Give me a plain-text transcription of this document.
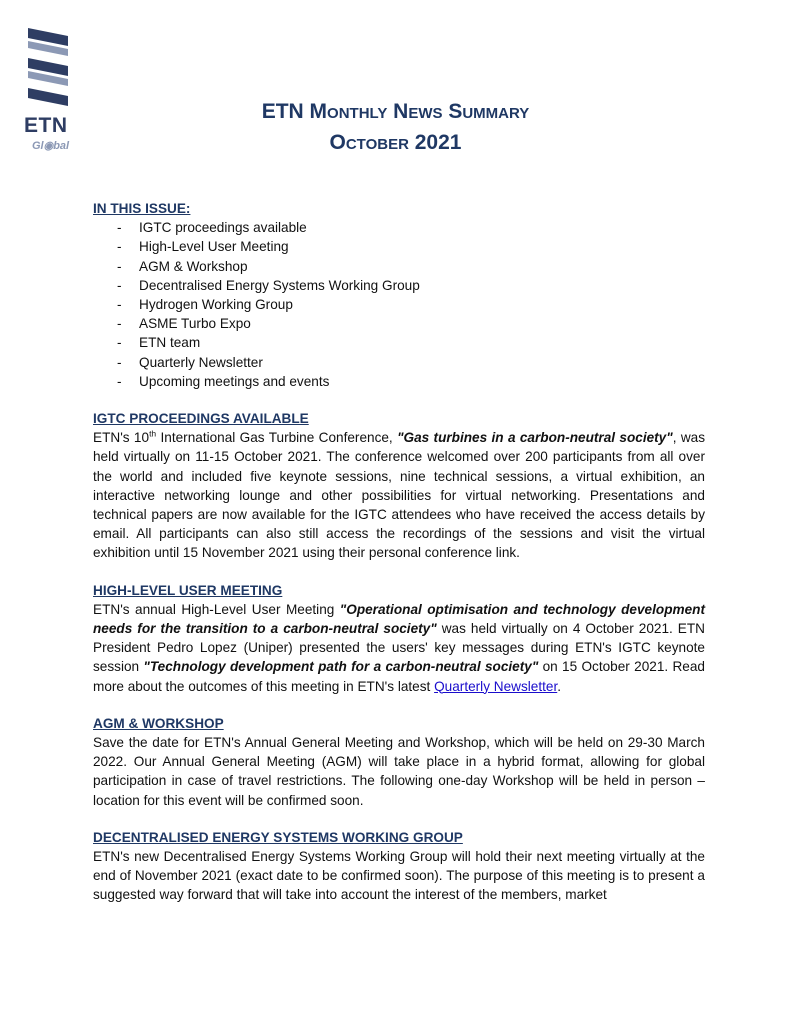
ETN
Gl◉bal
ETN Monthly News Summary
October 2021

IN THIS ISSUE:

- IGTC proceedings available
- High-Level User Meeting
- AGM & Workshop
- Decentralised Energy Systems Working Group
- Hydrogen Working Group
- ASME Turbo Expo
- ETN team
- Quarterly Newsletter
- Upcoming meetings and events

IGTC PROCEEDINGS AVAILABLE

ETN's 10th International Gas Turbine Conference, "Gas turbines in a carbon-neutral society", was held virtually on 11-15 October 2021. The conference welcomed over 200 participants from all over the world and included five keynote sessions, nine technical sessions, a virtual exhibition, an interactive networking lounge and other possibilities for virtual networking. Presentations and technical papers are now available for the IGTC attendees who have received the access details by email. All participants can also still access the recordings of the sessions and visit the virtual exhibition until 15 November 2021 using their personal conference link.

HIGH-LEVEL USER MEETING

ETN's annual High-Level User Meeting "Operational optimisation and technology development needs for the transition to a carbon-neutral society" was held virtually on 4 October 2021. ETN President Pedro Lopez (Uniper) presented the users' key messages during ETN's IGTC keynote session "Technology development path for a carbon-neutral society" on 15 October 2021. Read more about the outcomes of this meeting in ETN's latest Quarterly Newsletter.

AGM & WORKSHOP

Save the date for ETN's Annual General Meeting and Workshop, which will be held on 29-30 March 2022. Our Annual General Meeting (AGM) will take place in a hybrid format, allowing for global participation in case of travel restrictions. The following one-day Workshop will be held in person – location for this event will be confirmed soon.

DECENTRALISED ENERGY SYSTEMS WORKING GROUP

ETN's new Decentralised Energy Systems Working Group will hold their next meeting virtually at the end of November 2021 (exact date to be confirmed soon). The purpose of this meeting is to present a suggested way forward that will take into account the interest of the members, market
